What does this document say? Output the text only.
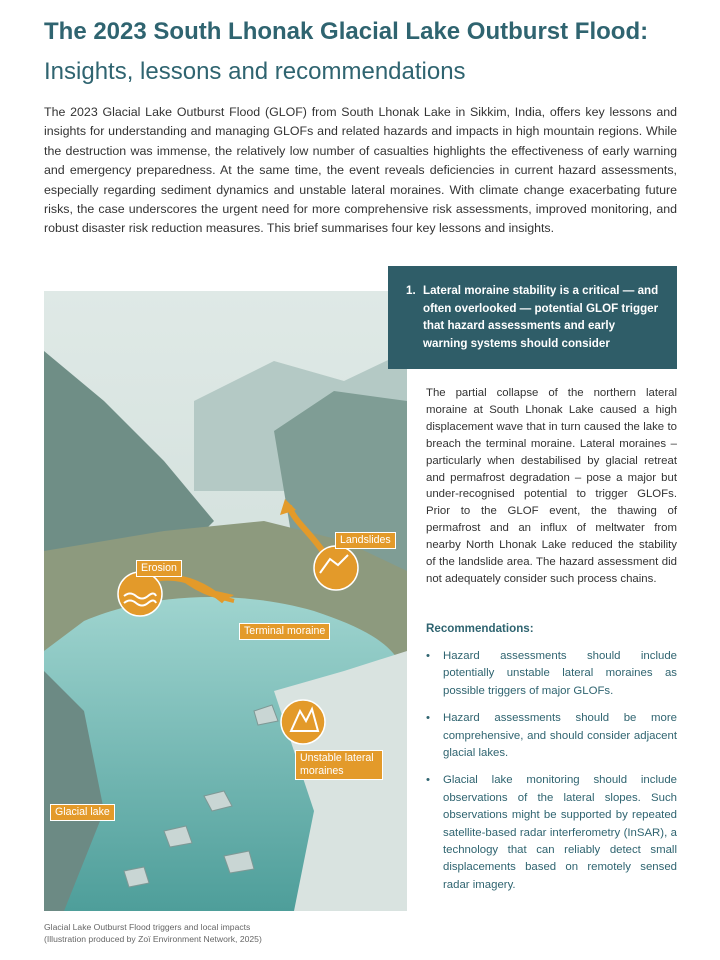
The 2023 South Lhonak Glacial Lake Outburst Flood:
Insights, lessons and recommendations
The 2023 Glacial Lake Outburst Flood (GLOF) from South Lhonak Lake in Sikkim, India, offers key lessons and insights for understanding and managing GLOFs and related hazards and impacts in high mountain regions. While the destruction was immense, the relatively low number of casualties highlights the effectiveness of early warning and emergency preparedness. At the same time, the event reveals deficiencies in current hazard assessments, especially regarding sediment dynamics and unstable lateral moraines. With climate change exacerbating future risks, the case underscores the urgent need for more comprehensive risk assessments, improved monitoring, and robust disaster risk reduction measures. This brief summarises four key lessons and insights.
Erosion
Landslides
Terminal moraine
Unstable lateral moraines
Glacial lake
1. Lateral moraine stability is a critical — and often overlooked — potential GLOF trigger that hazard assessments and early warning systems should consider
The partial collapse of the northern lateral moraine at South Lhonak Lake caused a high displacement wave that in turn caused the lake to breach the terminal moraine. Lateral moraines – particularly when destabilised by glacial retreat and permafrost degradation – pose a major but under-recognised potential to trigger GLOFs. Prior to the GLOF event, the thawing of permafrost and an influx of meltwater from nearby North Lhonak Lake reduced the stability of the landslide area. The hazard assessment did not adequately consider such process chains.
Recommendations:
• Hazard assessments should include potentially unstable lateral moraines as possible triggers of major GLOFs.
• Hazard assessments should be more comprehensive, and should consider adjacent glacial lakes.
• Glacial lake monitoring should include observations of the lateral slopes. Such observations might be supported by repeated satellite-based radar interferometry (InSAR), a technology that can reliably detect small displacements based on remotely sensed radar imagery.
Glacial Lake Outburst Flood triggers and local impacts
(Illustration produced by Zoï Environment Network, 2025)
